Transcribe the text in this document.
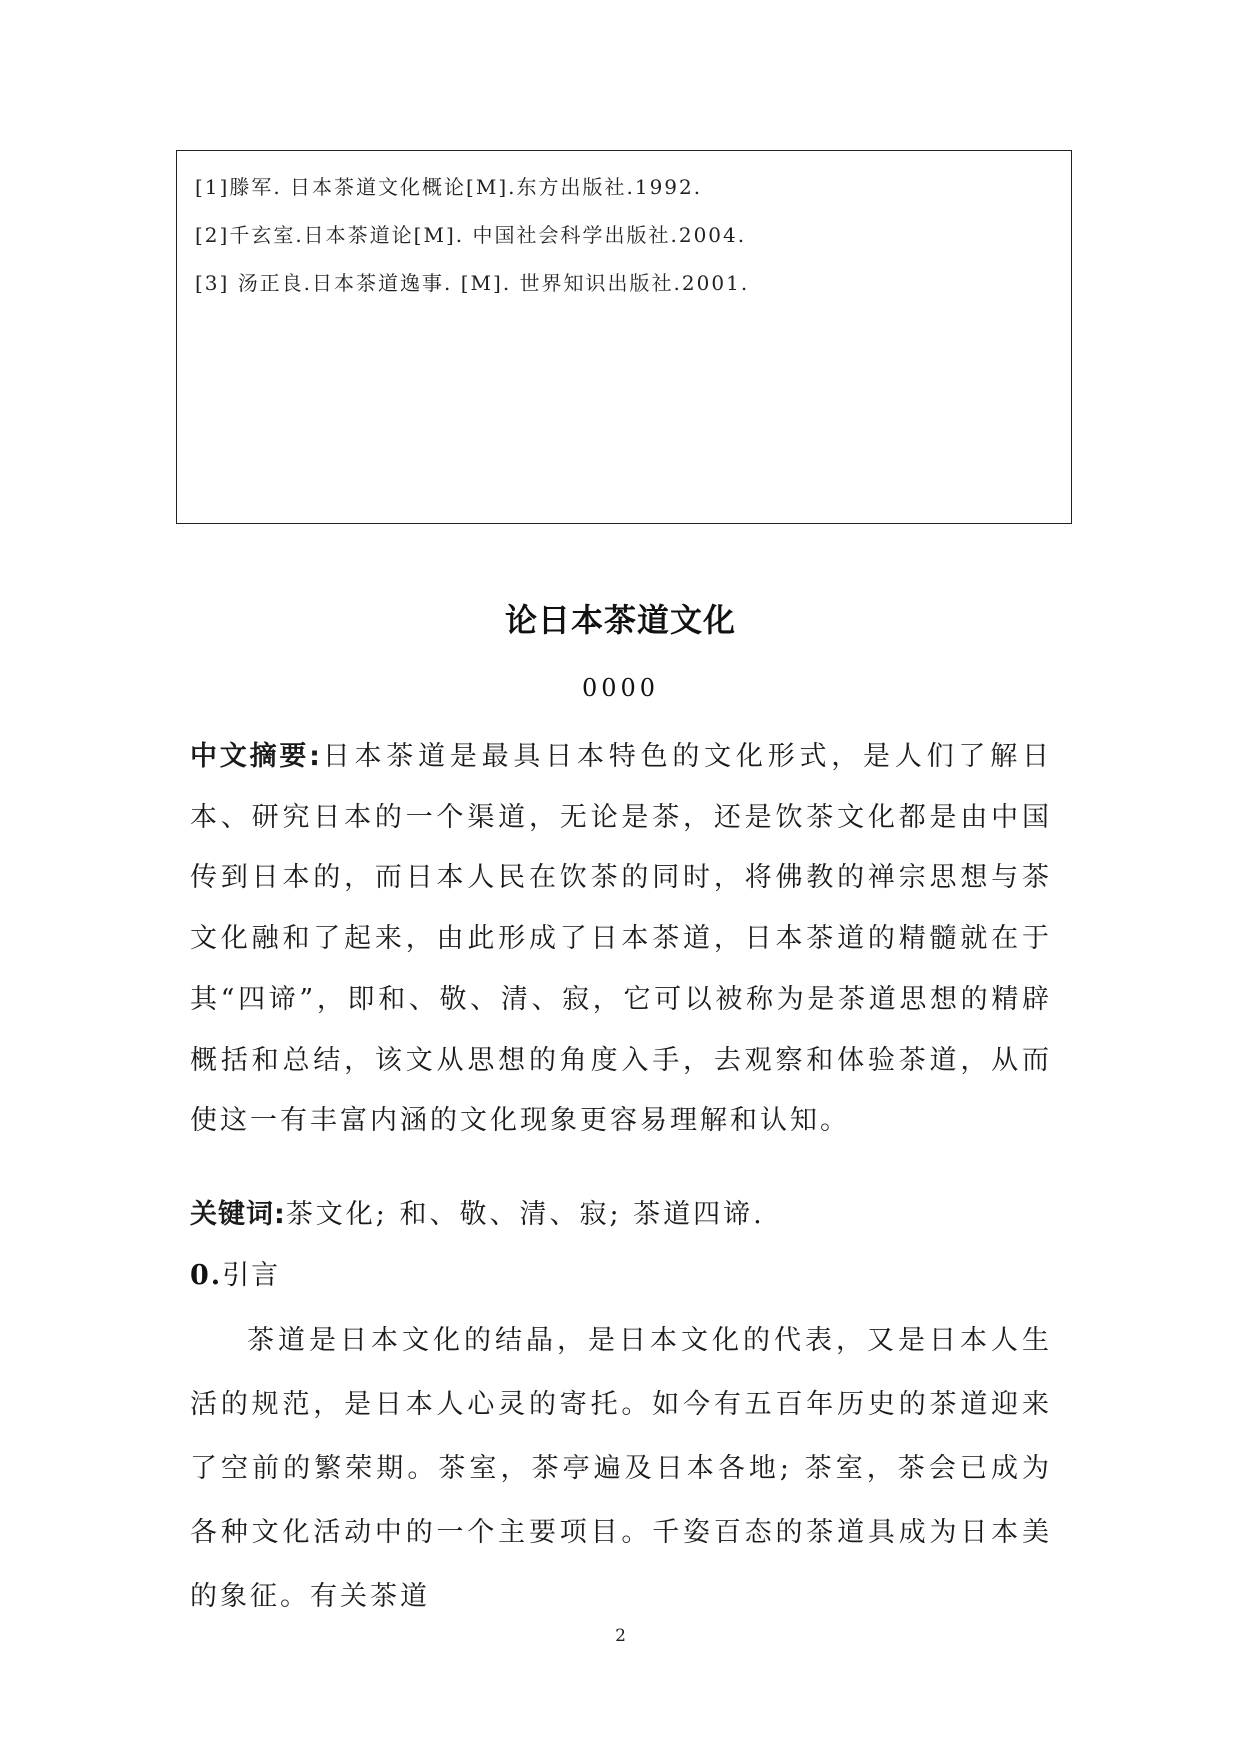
[1]滕军. 日本茶道文化概论[M].东方出版社.1992.
[2]千玄室.日本茶道论[M]. 中国社会科学出版社.2004.
[3] 汤正良.日本茶道逸事. [M]. 世界知识出版社.2001.
论日本茶道文化
0000
中文摘要:日本茶道是最具日本特色的文化形式，是人们了解日本、研究日本的一个渠道，无论是茶，还是饮茶文化都是由中国传到日本的，而日本人民在饮茶的同时，将佛教的禅宗思想与茶文化融和了起来，由此形成了日本茶道，日本茶道的精髓就在于其“四谛”，即和、敬、清、寂，它可以被称为是茶道思想的精辟概括和总结，该文从思想的角度入手，去观察和体验茶道，从而使这一有丰富内涵的文化现象更容易理解和认知。
关键词:茶文化; 和、敬、清、寂; 茶道四谛.
0.引言
茶道是日本文化的结晶，是日本文化的代表，又是日本人生活的规范，是日本人心灵的寄托。如今有五百年历史的茶道迎来了空前的繁荣期。茶室，茶亭遍及日本各地; 茶室，茶会已成为各种文化活动中的一个主要项目。千姿百态的茶道具成为日本美的象征。有关茶道
2
